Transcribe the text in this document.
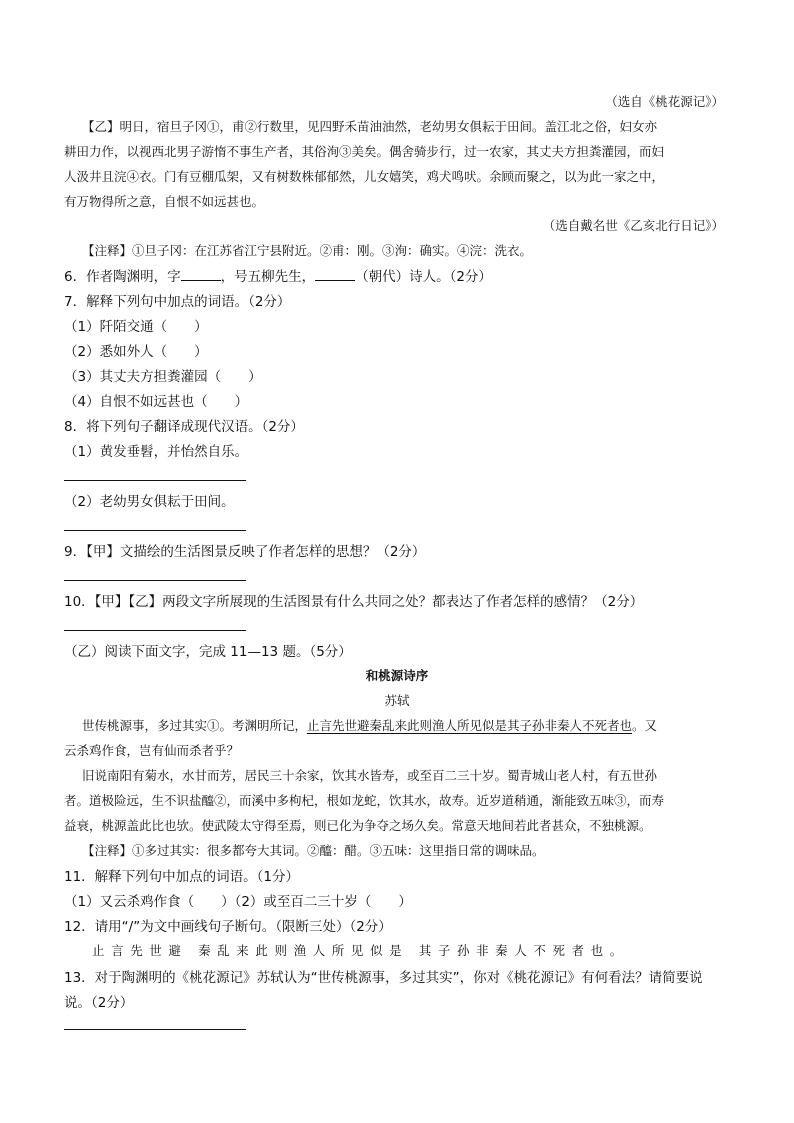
（选自《桃花源记》）
【乙】明日，宿旦子冈①，甫②行数里，见四野禾苗油油然，老幼男女俱耘于田间。盖江北之俗，妇女亦
耕田力作，以视西北男子游惰不事生产者，其俗洵③美矣。偶舍骑步行，过一农家，其丈夫方担粪灌园，而妇
人汲井且浣④衣。门有豆棚瓜架，又有树数株郁郁然，儿女嬉笑，鸡犬鸣吠。余顾而聚之，以为此一家之中，
有万物得所之意，自恨不如远甚也。
（选自戴名世《乙亥北行日记》）
【注释】①旦子冈：在江苏省江宁县附近。②甫：刚。③洵：确实。④浣：洗衣。
6．作者陶渊明，字	，号五柳先生，	（朝代）诗人。（2分）
7．解释下列句中加点的词语。（2分）
（1）阡陌交通（　　）
（2）悉如外人（　　）
（3）其丈夫方担粪灌园（　　）
（4）自恨不如远甚也（　　）
8．将下列句子翻译成现代汉语。（2分）
（1）黄发垂髫，并怡然自乐。
（2）老幼男女俱耘于田间。
9．【甲】文描绘的生活图景反映了作者怎样的思想？（2分）
10．【甲】【乙】两段文字所展现的生活图景有什么共同之处？都表达了作者怎样的感情？（2分）
（乙）阅读下面文字，完成 11—13 题。（5分）
和桃源诗序
苏轼
世传桃源事，多过其实①。考渊明所记，止言先世避秦乱来此则渔人所见似是其子孙非秦人不死者也。又
云杀鸡作食，岂有仙而杀者乎？
旧说南阳有菊水，水甘而芳，居民三十余家，饮其水皆寿，或至百二三十岁。蜀青城山老人村，有五世孙
者。道极险远，生不识盐醯②，而溪中多枸杞，根如龙蛇，饮其水，故寿。近岁道稍通，渐能致五味③，而寿
益衰，桃源盖此比也欤。使武陵太守得至焉，则已化为争夺之场久矣。常意天地间若此者甚众，不独桃源。
【注释】①多过其实：很多都夸大其词。②醯：醋。③五味：这里指日常的调味品。
11．解释下列句中加点的词语。（1分）
（1）又云杀鸡作食（　　）（2）或至百二三十岁（　　）
12．请用“/”为文中画线句子断句。（限断三处）（2分）
止言先世避 秦乱来此则渔人所见似是 其子孙非秦人不死者也。
13．对于陶渊明的《桃花源记》苏轼认为“世传桃源事，多过其实”，你对《桃花源记》有何看法？请简要说
说。（2分）
